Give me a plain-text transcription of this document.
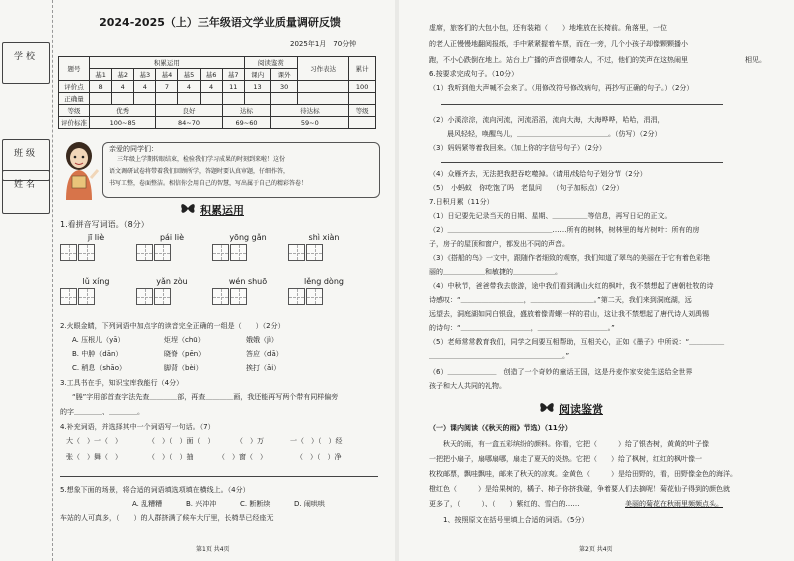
学校
班级
姓名
2024-2025（上）三年级语文学业质量调研反馈
2025年1月　70分钟
题号	积累运用							阅读鉴赏		习作表达	累计
	基1	基2	基3	基4	基5	基6	基7	课内	课外		
评价点	8	4	4	7	4	4	11	13	30		100
正确量											
等级	优秀			良好			达标		待达标		等级
评价标准	100~85			84~70			69~60		59~0		
亲爱的同学们：
三年级上学期转眼结束，检验我们学习成果的时刻到来啦！这份
语文调研试卷将带着我们回顾所学，答题时要认真审题，仔细作答，
书写工整，卷面整洁。相信你会用自己的智慧，写出属于自己的精彩答卷！
积累运用
1.看拼音写词语。（8分）
jī liè	pái liè	yōng gǎn	shì xiàn
lǔ xíng	yǎn zòu	wén shuō	lěng dòng
2.火眼金睛，下列词语中加点字的读音完全正确的一组是（　　）（2分）
A. 压根儿（yā）	炬埕（chū）	娥娥（jì）
B. 中肿（dān）	晓脊（pēn）	答应（dā）
C. 稍息（shāo）	脚背（bèi）	挨打（āi）
3.工具书在手，知识宝库我能行（4分）
“塍”字用部首查字法先查＿＿＿＿部，再查＿＿＿＿画，我还能再写两个带有同样偏旁
的字＿＿＿＿、＿＿＿＿。
4.补充词语，并选择其中一个词语写一句话。（7）
大（　）一（　）	（　）（　）面（　）	（　）万	一（　）（　）经
张（　）舞（　）	（　）（　）抽	（　）窗（　）	（　）（　）净
5.想象下面的场景，将合适的词语填选项填在横线上。（4分）
A. 乱糟糟	B. 兴冲冲	C. 断断续	D. 闹哄哄
车站的人可真多，（　　）的人群挤满了候车大厅里，长椅旱已经座无
第1页 共4页
虚席，旅客们的大包小包，还有装箱（　　）地堆放在长椅前。角落里，一位
的老人正慢慢地翻阅报纸，手中紧紧握着车票，而在一旁，几个小孩子却像颗颗播小
跑，不小心跌倒在地上。站台上广播的声音很嘈杂人，不过，他们的笑声在这热闹里	相见。
6.按要求完成句子。（10分）
（1）我听到他大声喊不会来了。（用修改符号修改病句，再抄写正确的句子。）（2分）
（2）小溪淙淙，流向河流，河流滔滔，流向大海，大海哗哗，哈哈，涓涓，
晨风轻轻，唤醒鸟儿，＿＿＿＿＿＿＿＿＿＿＿＿＿。（仿写）（2分）
（3）妈妈紧等着我回来。（加上你的字信号句子）（2分）
（4）众雁齐去，无法把我把吞吃噬掉。（请用/线给句子划分节（2分）
（5）　小蚂蚁　你吃饱了吗　老鼠问　　（句子加标点）（2分）
7.日积月累（11分）
（1）日记要先记录当天的日期、星期、＿＿＿＿＿等信息，再写日记的正文。
（2）＿＿＿＿＿＿＿＿＿＿＿＿＿＿＿……所有的树林，树林里的每片树叶：所有的房
子，房子的屋顶和窗户，都发出不同的声音。
（3）《搭船的鸟》一文中，跟随作者细致的观察，我们知道了翠鸟的美丽在于它有着色彩艳
丽的＿＿＿＿＿＿和敏捷的＿＿＿＿＿＿。
（4）中秋节，爸爸带我去旅游，途中我们看到满山火红的枫叶，我不禁想起了唐朝杜牧的诗
诗感叹：“＿＿＿＿＿＿＿＿＿，＿＿＿＿＿＿＿＿＿。”第二天，我们来到洞庭湖，远
远望去，洞庭湖如同白银盘，盛放着像青螺一样的君山，这让我不禁想起了唐代诗人刘禹锡
的诗句：“＿＿＿＿＿＿＿＿＿＿，＿＿＿＿＿＿＿＿＿＿。”
（5）老师常常教育我们，同学之间要互相帮助，互相关心，正如《墨子》中所说：“＿＿＿＿＿
＿＿＿＿＿＿＿＿＿＿＿＿＿＿＿＿＿＿＿。”
（6）＿＿＿＿＿＿＿　创造了一个奇妙的童话王国，这是丹麦作家安徒生送给全世界
孩子和大人共同的礼物。
阅读鉴赏
（一）课内阅读（《秋天的雨》节选）（11分）
秋天的雨，有一盒五彩缤纷的颜料。你看，它把（　　　）给了银杏树，黄黄的叶子像
一把把小扇子，扇哪扇哪，扇走了夏天的炎热。它把（　　）给了枫树，红红的枫叶像一
枚枚邮票，飘哇飘哇，邮来了秋天的凉爽。金黄色（　　　）是给田野的，看，田野像金色的海洋。
橙红色（　　　）是给果树的，橘子、柿子你挤我碰，争着要人们去摘呢！菊花仙子得到的颜色就
更多了，（　　　）、（　　）紫红的、雪白的……	美丽的菊花在秋雨里频频点头。
1、按照原文在括号里填上合适的词语。（5分）
第2页 共4页
